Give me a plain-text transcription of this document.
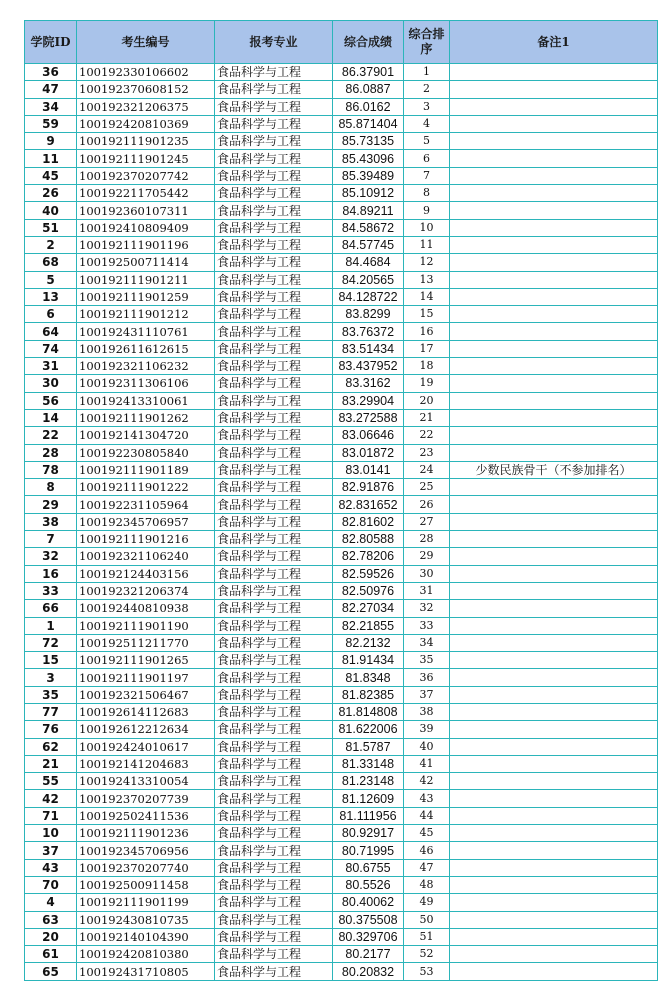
学院ID	考生编号	报考专业	综合成绩	综合排序	备注1
36	100192330106602	食品科学与工程	86.37901	1	
47	100192370608152	食品科学与工程	86.0887	2	
34	100192321206375	食品科学与工程	86.0162	3	
59	100192420810369	食品科学与工程	85.871404	4	
9	100192111901235	食品科学与工程	85.73135	5	
11	100192111901245	食品科学与工程	85.43096	6	
45	100192370207742	食品科学与工程	85.39489	7	
26	100192211705442	食品科学与工程	85.10912	8	
40	100192360107311	食品科学与工程	84.89211	9	
51	100192410809409	食品科学与工程	84.58672	10	
2	100192111901196	食品科学与工程	84.57745	11	
68	100192500711414	食品科学与工程	84.4684	12	
5	100192111901211	食品科学与工程	84.20565	13	
13	100192111901259	食品科学与工程	84.128722	14	
6	100192111901212	食品科学与工程	83.8299	15	
64	100192431110761	食品科学与工程	83.76372	16	
74	100192611612615	食品科学与工程	83.51434	17	
31	100192321106232	食品科学与工程	83.437952	18	
30	100192311306106	食品科学与工程	83.3162	19	
56	100192413310061	食品科学与工程	83.29904	20	
14	100192111901262	食品科学与工程	83.272588	21	
22	100192141304720	食品科学与工程	83.06646	22	
28	100192230805840	食品科学与工程	83.01872	23	
78	100192111901189	食品科学与工程	83.0141	24	少数民族骨干（不参加排名）
8	100192111901222	食品科学与工程	82.91876	25	
29	100192231105964	食品科学与工程	82.831652	26	
38	100192345706957	食品科学与工程	82.81602	27	
7	100192111901216	食品科学与工程	82.80588	28	
32	100192321106240	食品科学与工程	82.78206	29	
16	100192124403156	食品科学与工程	82.59526	30	
33	100192321206374	食品科学与工程	82.50976	31	
66	100192440810938	食品科学与工程	82.27034	32	
1	100192111901190	食品科学与工程	82.21855	33	
72	100192511211770	食品科学与工程	82.2132	34	
15	100192111901265	食品科学与工程	81.91434	35	
3	100192111901197	食品科学与工程	81.8348	36	
35	100192321506467	食品科学与工程	81.82385	37	
77	100192614112683	食品科学与工程	81.814808	38	
76	100192612212634	食品科学与工程	81.622006	39	
62	100192424010617	食品科学与工程	81.5787	40	
21	100192141204683	食品科学与工程	81.33148	41	
55	100192413310054	食品科学与工程	81.23148	42	
42	100192370207739	食品科学与工程	81.12609	43	
71	100192502411536	食品科学与工程	81.111956	44	
10	100192111901236	食品科学与工程	80.92917	45	
37	100192345706956	食品科学与工程	80.71995	46	
43	100192370207740	食品科学与工程	80.6755	47	
70	100192500911458	食品科学与工程	80.5526	48	
4	100192111901199	食品科学与工程	80.40062	49	
63	100192430810735	食品科学与工程	80.375508	50	
20	100192140104390	食品科学与工程	80.329706	51	
61	100192420810380	食品科学与工程	80.2177	52	
65	100192431710805	食品科学与工程	80.20832	53	
